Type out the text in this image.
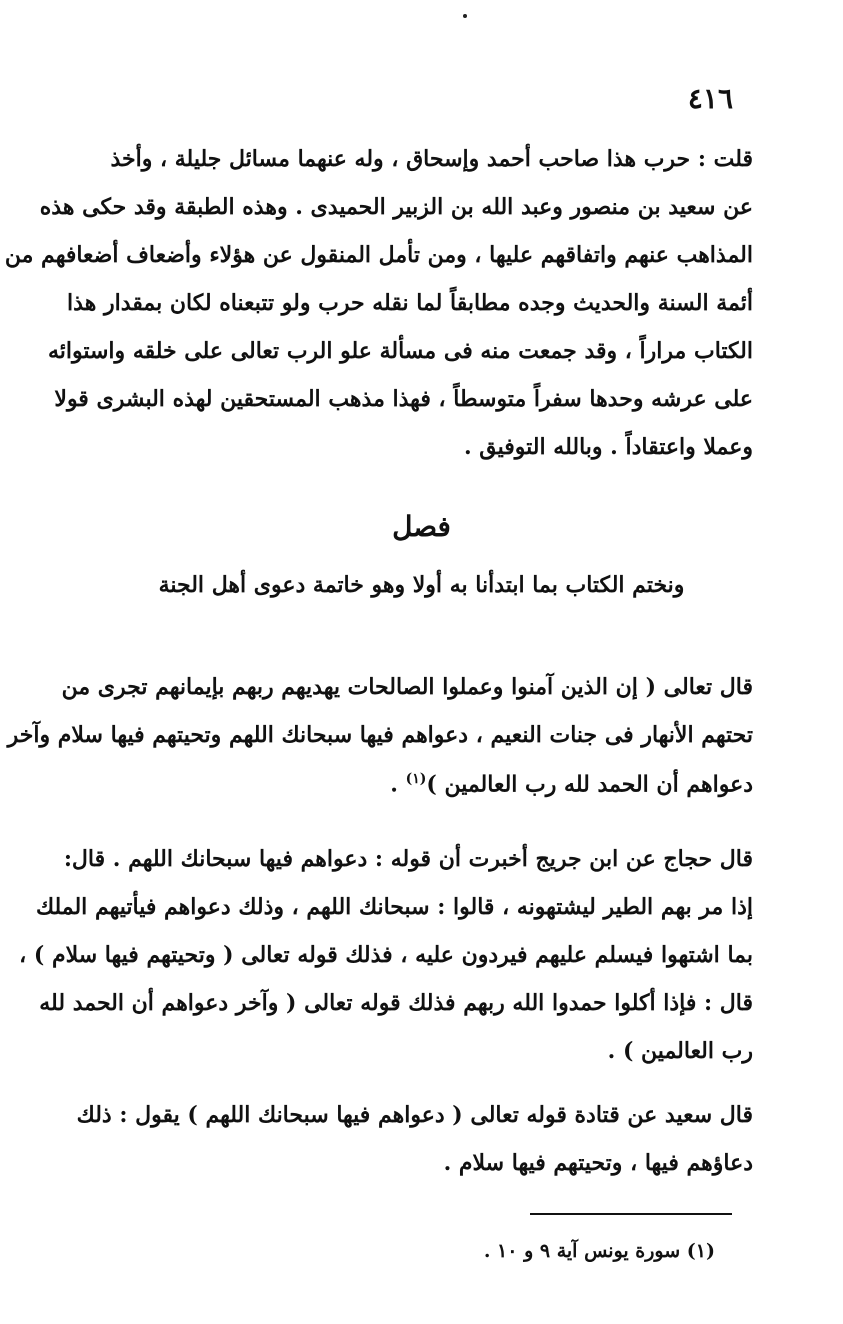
٤١٦
قلت : حرب هذا صاحب أحمد وإسحاق ، وله عنهما مسائل جليلة ، وأخذ
عن سعيد بن منصور وعبد الله بن الزبير الحميدى . وهذه الطبقة وقد حكى هذه
المذاهب عنهم واتفاقهم عليها ، ومن تأمل المنقول عن هؤلاء وأضعاف أضعافهم من
أئمة السنة والحديث وجده مطابقاً لما نقله حرب ولو تتبعناه لكان بمقدار هذا
الكتاب مراراً ، وقد جمعت منه فى مسألة علو الرب تعالى على خلقه واستوائه
على عرشه وحدها سفراً متوسطاً ، فهذا مذهب المستحقين لهذه البشرى قولا
وعملا واعتقاداً . وبالله التوفيق .
فصل
ونختم الكتاب بما ابتدأنا به أولا وهو خاتمة دعوى أهل الجنة
قال تعالى ( إن الذين آمنوا وعملوا الصالحات يهديهم ربهم بإيمانهم تجرى من
تحتهم الأنهار فى جنات النعيم ، دعواهم فيها سبحانك اللهم وتحيتهم فيها سلام وآخر
دعواهم أن الحمد لله رب العالمين )$^{(١)}$ .
قال حجاج عن ابن جريج أخبرت أن قوله : دعواهم فيها سبحانك اللهم . قال:
إذا مر بهم الطير ليشتهونه ، قالوا : سبحانك اللهم ، وذلك دعواهم فيأتيهم الملك
بما اشتهوا فيسلم عليهم فيردون عليه ، فذلك قوله تعالى ( وتحيتهم فيها سلام ) ،
قال : فإذا أكلوا حمدوا الله ربهم فذلك قوله تعالى ( وآخر دعواهم أن الحمد لله
رب العالمين ) .
قال سعيد عن قتادة قوله تعالى ( دعواهم فيها سبحانك اللهم ) يقول : ذلك
دعاؤهم فيها ، وتحيتهم فيها سلام .
(١) سورة يونس آية ٩ و ١٠ .
